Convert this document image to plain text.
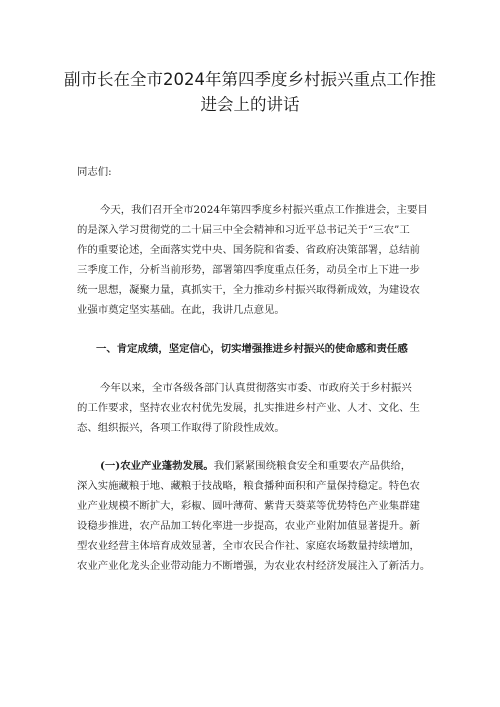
副市长在全市2024年第四季度乡村振兴重点工作推
进会上的讲话
同志们:
今天，我们召开全市2024年第四季度乡村振兴重点工作推进会，主要目
的是深入学习贯彻党的二十届三中全会精神和习近平总书记关于“三农”工
作的重要论述，全面落实党中央、国务院和省委、省政府决策部署，总结前
三季度工作，分析当前形势，部署第四季度重点任务，动员全市上下进一步
统一思想，凝聚力量，真抓实干，全力推动乡村振兴取得新成效，为建设农
业强市奠定坚实基础。在此，我讲几点意见。
一、肯定成绩，坚定信心，切实增强推进乡村振兴的使命感和责任感
今年以来，全市各级各部门认真贯彻落实市委、市政府关于乡村振兴
的工作要求，坚持农业农村优先发展，扎实推进乡村产业、人才、文化、生
态、组织振兴，各项工作取得了阶段性成效。
(一)农业产业蓬勃发展。我们紧紧围绕粮食安全和重要农产品供给，
深入实施藏粮于地、藏粮于技战略，粮食播种面积和产量保持稳定。特色农
业产业规模不断扩大，彩椒、圆叶薄荷、紫背天葵菜等优势特色产业集群建
设稳步推进，农产品加工转化率进一步提高，农业产业附加值显著提升。新
型农业经营主体培育成效显著，全市农民合作社、家庭农场数量持续增加，
农业产业化龙头企业带动能力不断增强，为农业农村经济发展注入了新活力。
